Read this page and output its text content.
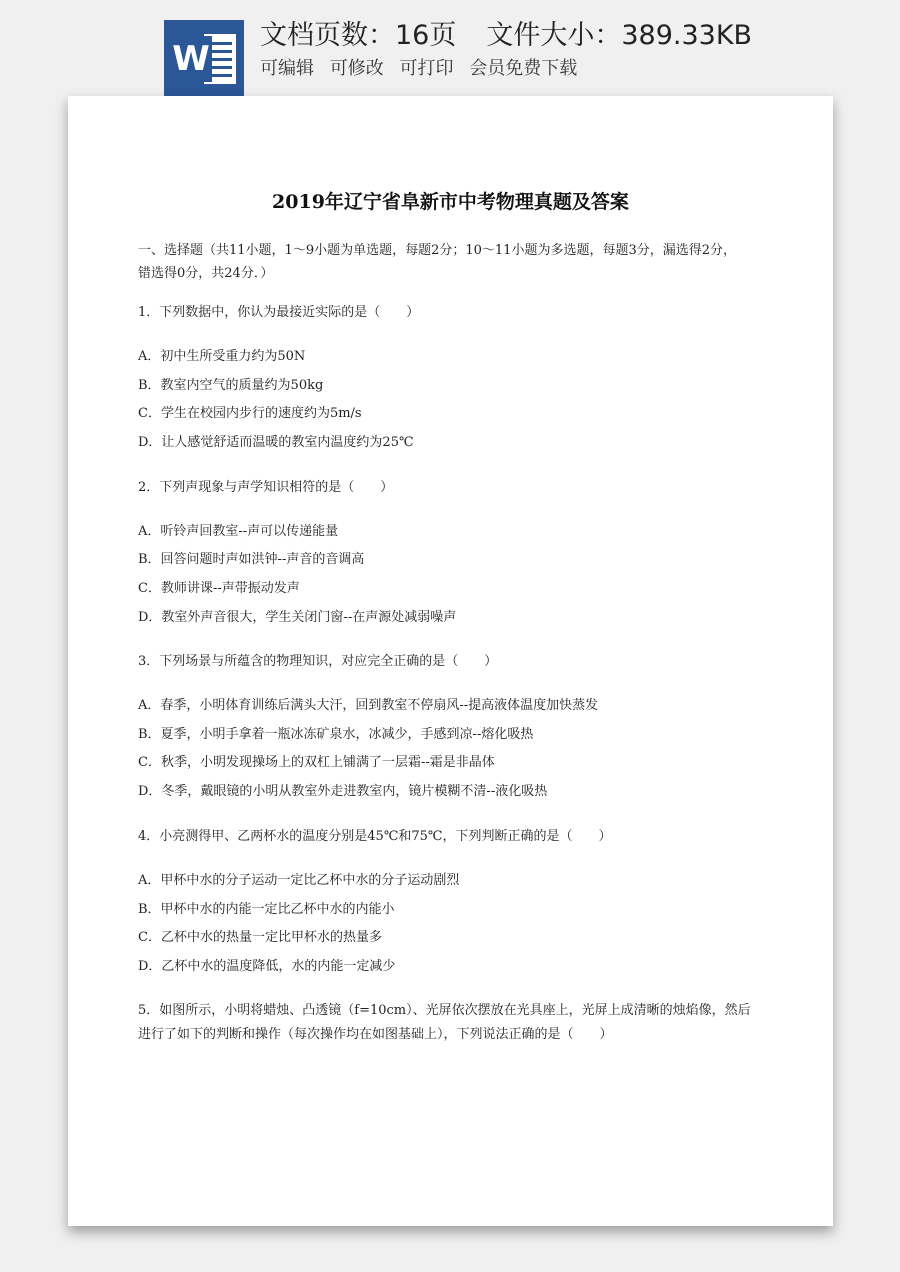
W
文档页数：16页 文件大小：389.33KB
可编辑 可修改 可打印 会员免费下载
2019年辽宁省阜新市中考物理真题及答案
一、选择题（共11小题，1～9小题为单选题，每题2分；10～11小题为多选题，每题3分，漏选得2分，
错选得0分，共24分．）
1．下列数据中，你认为最接近实际的是（　　）
A．初中生所受重力约为50N
B．教室内空气的质量约为50kg
C．学生在校园内步行的速度约为5m/s
D．让人感觉舒适而温暖的教室内温度约为25℃
2．下列声现象与声学知识相符的是（　　）
A．听铃声回教室--声可以传递能量
B．回答问题时声如洪钟--声音的音调高
C．教师讲课--声带振动发声
D．教室外声音很大，学生关闭门窗--在声源处减弱噪声
3．下列场景与所蕴含的物理知识，对应完全正确的是（　　）
A．春季，小明体育训练后满头大汗，回到教室不停扇风--提高液体温度加快蒸发
B．夏季，小明手拿着一瓶冰冻矿泉水，冰减少，手感到凉--熔化吸热
C．秋季，小明发现操场上的双杠上铺满了一层霜--霜是非晶体
D．冬季，戴眼镜的小明从教室外走进教室内，镜片模糊不清--液化吸热
4．小亮测得甲、乙两杯水的温度分别是45℃和75℃，下列判断正确的是（　　）
A．甲杯中水的分子运动一定比乙杯中水的分子运动剧烈
B．甲杯中水的内能一定比乙杯中水的内能小
C．乙杯中水的热量一定比甲杯水的热量多
D．乙杯中水的温度降低，水的内能一定减少
5．如图所示，小明将蜡烛、凸透镜（f=10cm）、光屏依次摆放在光具座上，光屏上成清晰的烛焰像，然后
进行了如下的判断和操作（每次操作均在如图基础上），下列说法正确的是（　　）
